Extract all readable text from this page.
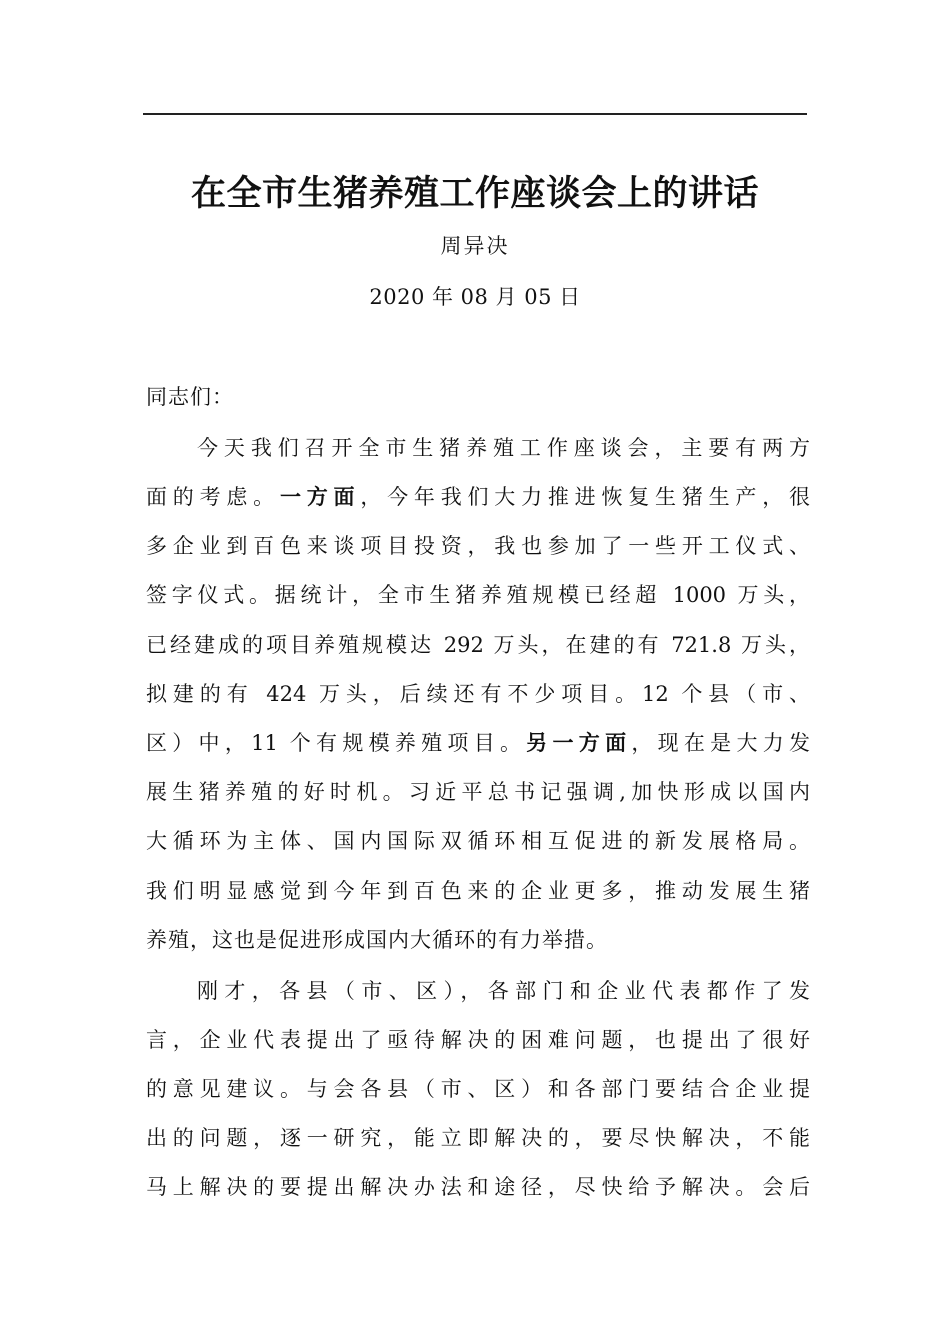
在全市生猪养殖工作座谈会上的讲话
周异决
2020 年 08 月 05 日
同志们：
今天我们召开全市生猪养殖工作座谈会，主要有两方
面的考虑。一方面，今年我们大力推进恢复生猪生产，很
多企业到百色来谈项目投资，我也参加了一些开工仪式、
签字仪式。据统计，全市生猪养殖规模已经超 1000 万头，
已经建成的项目养殖规模达 292 万头，在建的有 721.8 万头，
拟建的有 424 万头，后续还有不少项目。12 个县（市、
区）中，11 个有规模养殖项目。另一方面，现在是大力发
展生猪养殖的好时机。习近平总书记强调,加快形成以国内
大循环为主体、国内国际双循环相互促进的新发展格局。
我们明显感觉到今年到百色来的企业更多，推动发展生猪
养殖，这也是促进形成国内大循环的有力举措。
刚才，各县（市、区），各部门和企业代表都作了发
言，企业代表提出了亟待解决的困难问题，也提出了很好
的意见建议。与会各县（市、区）和各部门要结合企业提
出的问题，逐一研究，能立即解决的，要尽快解决，不能
马上解决的要提出解决办法和途径，尽快给予解决。会后
